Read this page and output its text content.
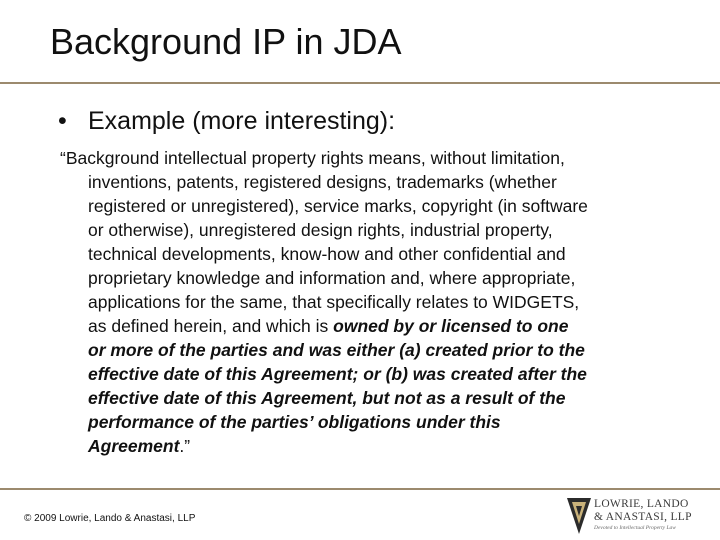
Background IP in JDA
• Example (more interesting):
“Background intellectual property rights means, without limitation,
inventions, patents, registered designs, trademarks (whether
registered or unregistered), service marks, copyright (in software
or otherwise), unregistered design rights, industrial property,
technical developments, know-how and other confidential and
proprietary knowledge and information and, where appropriate,
applications for the same, that specifically relates to WIDGETS,
as defined herein, and which is owned by or licensed to one
or more of the parties and was either (a) created prior to the
effective date of this Agreement; or (b) was created after the
effective date of this Agreement, but not as a result of the
performance of the parties’ obligations under this
Agreement.”
© 2009 Lowrie, Lando & Anastasi, LLP
LOWRIE, LANDO
& ANASTASI, LLP
Devoted to Intellectual Property Law
